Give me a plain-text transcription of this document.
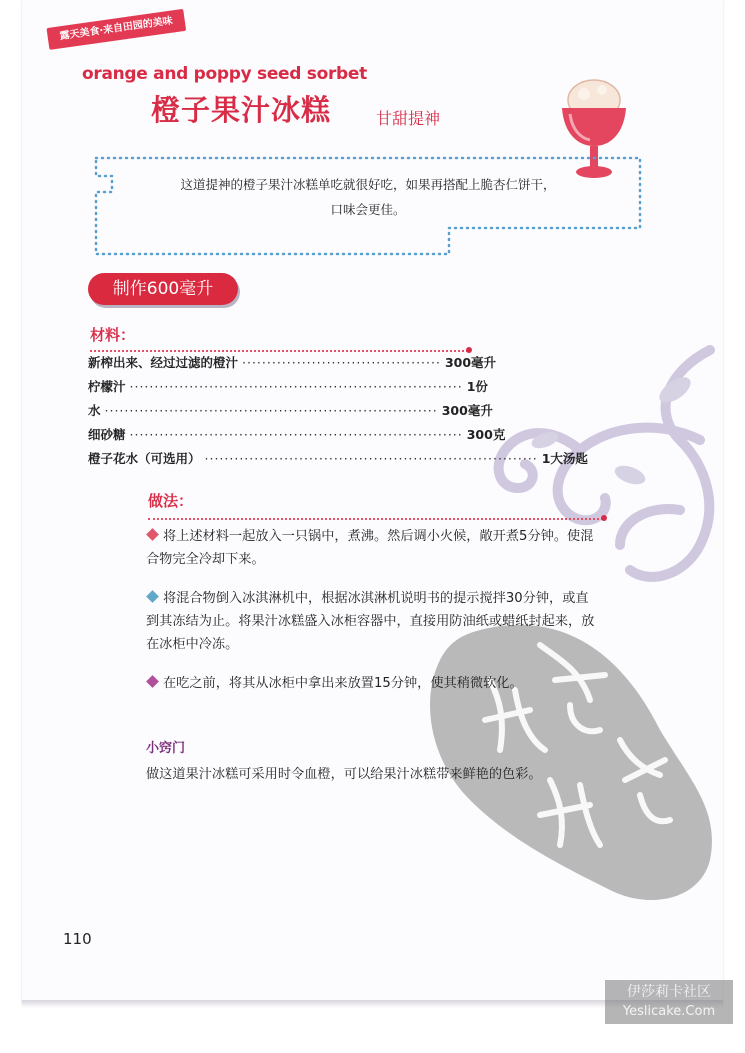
露天美食·来自田园的美味
orange and poppy seed sorbet
橙子果汁冰糕	甘甜提神
这道提神的橙子果汁冰糕单吃就很好吃，如果再搭配上脆杏仁饼干，
口味会更佳。
制作600毫升
材料：
新榨出来、经过过滤的橙汁 ········································ 300毫升
柠檬汁 ··································································· 1份
水 ··································································· 300毫升
细砂糖 ··································································· 300克
橙子花水（可选用） ··································································· 1大汤匙
做法：
将上述材料一起放入一只锅中，煮沸。然后调小火候，敞开煮5分钟。使混合物完全冷却下来。
将混合物倒入冰淇淋机中，根据冰淇淋机说明书的提示搅拌30分钟，或直到其冻结为止。将果汁冰糕盛入冰柜容器中，直接用防油纸或蜡纸封起来，放在冰柜中冷冻。
在吃之前，将其从冰柜中拿出来放置15分钟，使其稍微软化。
小窍门
做这道果汁冰糕可采用时令血橙，可以给果汁冰糕带来鲜艳的色彩。
110
伊莎莉卡社区
Yeslicake.Com
